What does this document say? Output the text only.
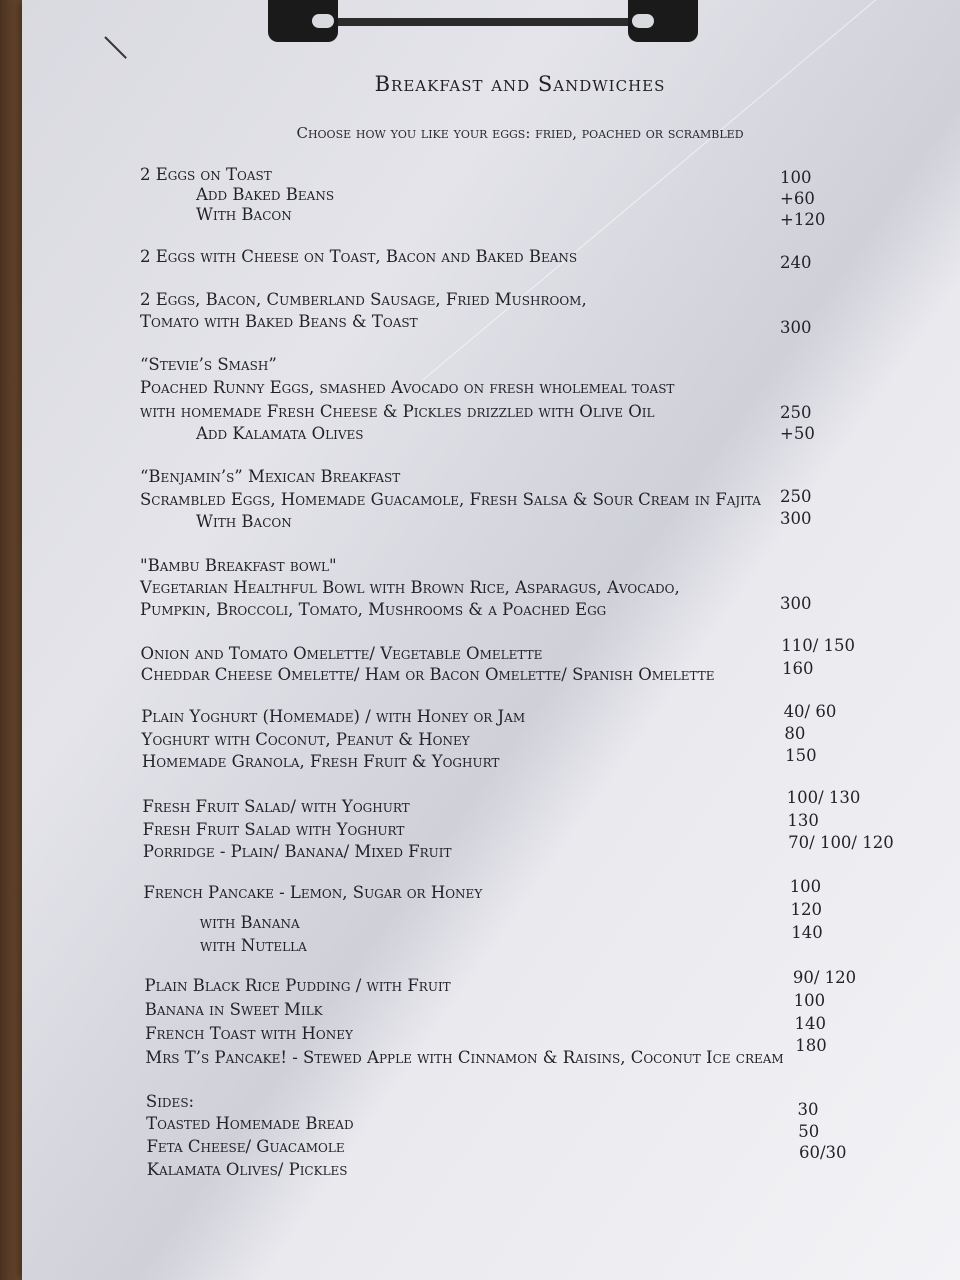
Breakfast and Sandwiches
Choose how you like your eggs: fried, poached or scrambled
2 Eggs on Toast
Add Baked Beans
With Bacon
2 Eggs with Cheese on Toast, Bacon and Baked Beans
2 Eggs, Bacon, Cumberland Sausage, Fried Mushroom,
Tomato with Baked Beans & Toast
“Stevie’s Smash”
Poached Runny Eggs, smashed Avocado on fresh wholemeal toast
with homemade Fresh Cheese & Pickles drizzled with Olive Oil
Add Kalamata Olives
“Benjamin’s” Mexican Breakfast
Scrambled Eggs, Homemade Guacamole, Fresh Salsa & Sour Cream in Fajita
With Bacon
"Bambu Breakfast bowl"
Vegetarian Healthful Bowl with Brown Rice, Asparagus, Avocado,
Pumpkin, Broccoli, Tomato, Mushrooms & a Poached Egg
Onion and Tomato Omelette/ Vegetable Omelette
Cheddar Cheese Omelette/ Ham or Bacon Omelette/ Spanish Omelette
Plain Yoghurt (Homemade) / with Honey or Jam
Yoghurt with Coconut, Peanut & Honey
Homemade Granola, Fresh Fruit & Yoghurt
Fresh Fruit Salad/ with Yoghurt
Fresh Fruit Salad with Yoghurt
Porridge - Plain/ Banana/ Mixed Fruit
French Pancake - Lemon, Sugar or Honey
with Banana
with Nutella
Plain Black Rice Pudding / with Fruit
Banana in Sweet Milk
French Toast with Honey
Mrs T’s Pancake! - Stewed Apple with Cinnamon & Raisins, Coconut Ice cream
Sides:
Toasted Homemade Bread
Feta Cheese/ Guacamole
Kalamata Olives/ Pickles
100
+60
+120
240
300
250
+50
250
300
300
110/ 150
160
40/ 60
80
150
100/ 130
130
70/ 100/ 120
100
120
140
90/ 120
100
140
180
30
50
60/30
